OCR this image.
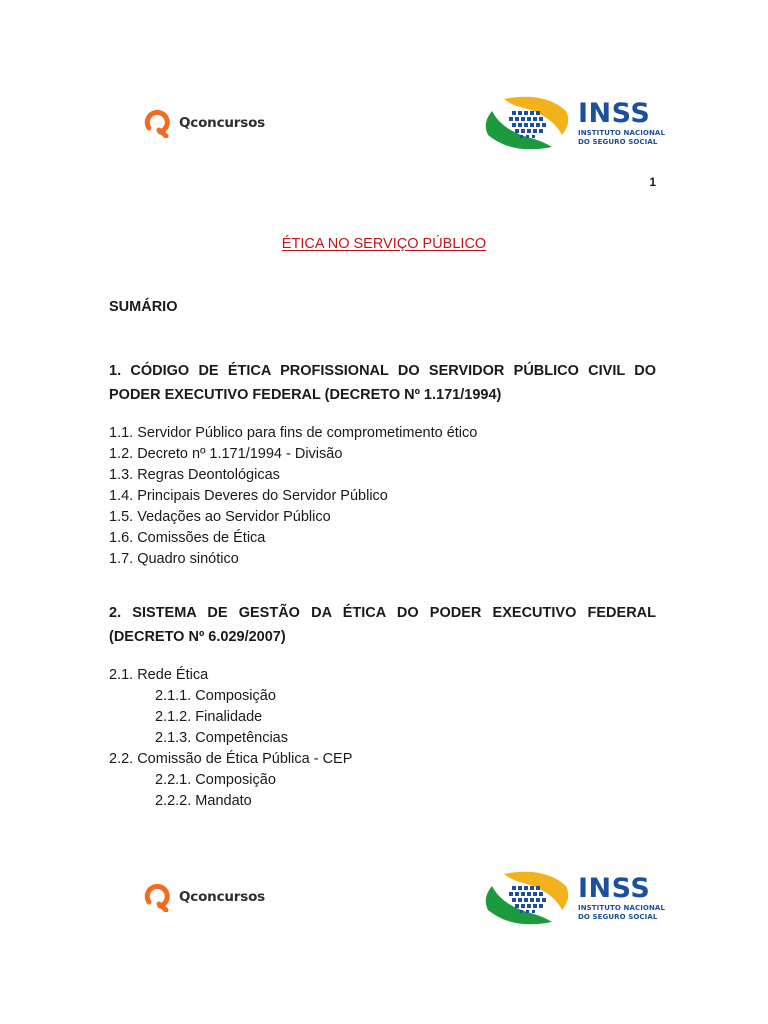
Qconcursos	INSS
INSTITUTO NACIONAL
DO SEGURO SOCIAL
1
ÉTICA NO SERVIÇO PÚBLICO
SUMÁRIO
1. CÓDIGO DE ÉTICA PROFISSIONAL DO SERVIDOR PÚBLICO CIVIL DO PODER EXECUTIVO FEDERAL (DECRETO Nº 1.171/1994)
1.1. Servidor Público para fins de comprometimento ético
1.2. Decreto nº 1.171/1994 - Divisão
1.3. Regras Deontológicas
1.4. Principais Deveres do Servidor Público
1.5. Vedações ao Servidor Público
1.6. Comissões de Ética
1.7. Quadro sinótico
2. SISTEMA DE GESTÃO DA ÉTICA DO PODER EXECUTIVO FEDERAL (DECRETO Nº 6.029/2007)
2.1. Rede Ética
2.1.1. Composição
2.1.2. Finalidade
2.1.3. Competências
2.2. Comissão de Ética Pública - CEP
2.2.1. Composição
2.2.2. Mandato
Qconcursos	INSS
INSTITUTO NACIONAL
DO SEGURO SOCIAL
